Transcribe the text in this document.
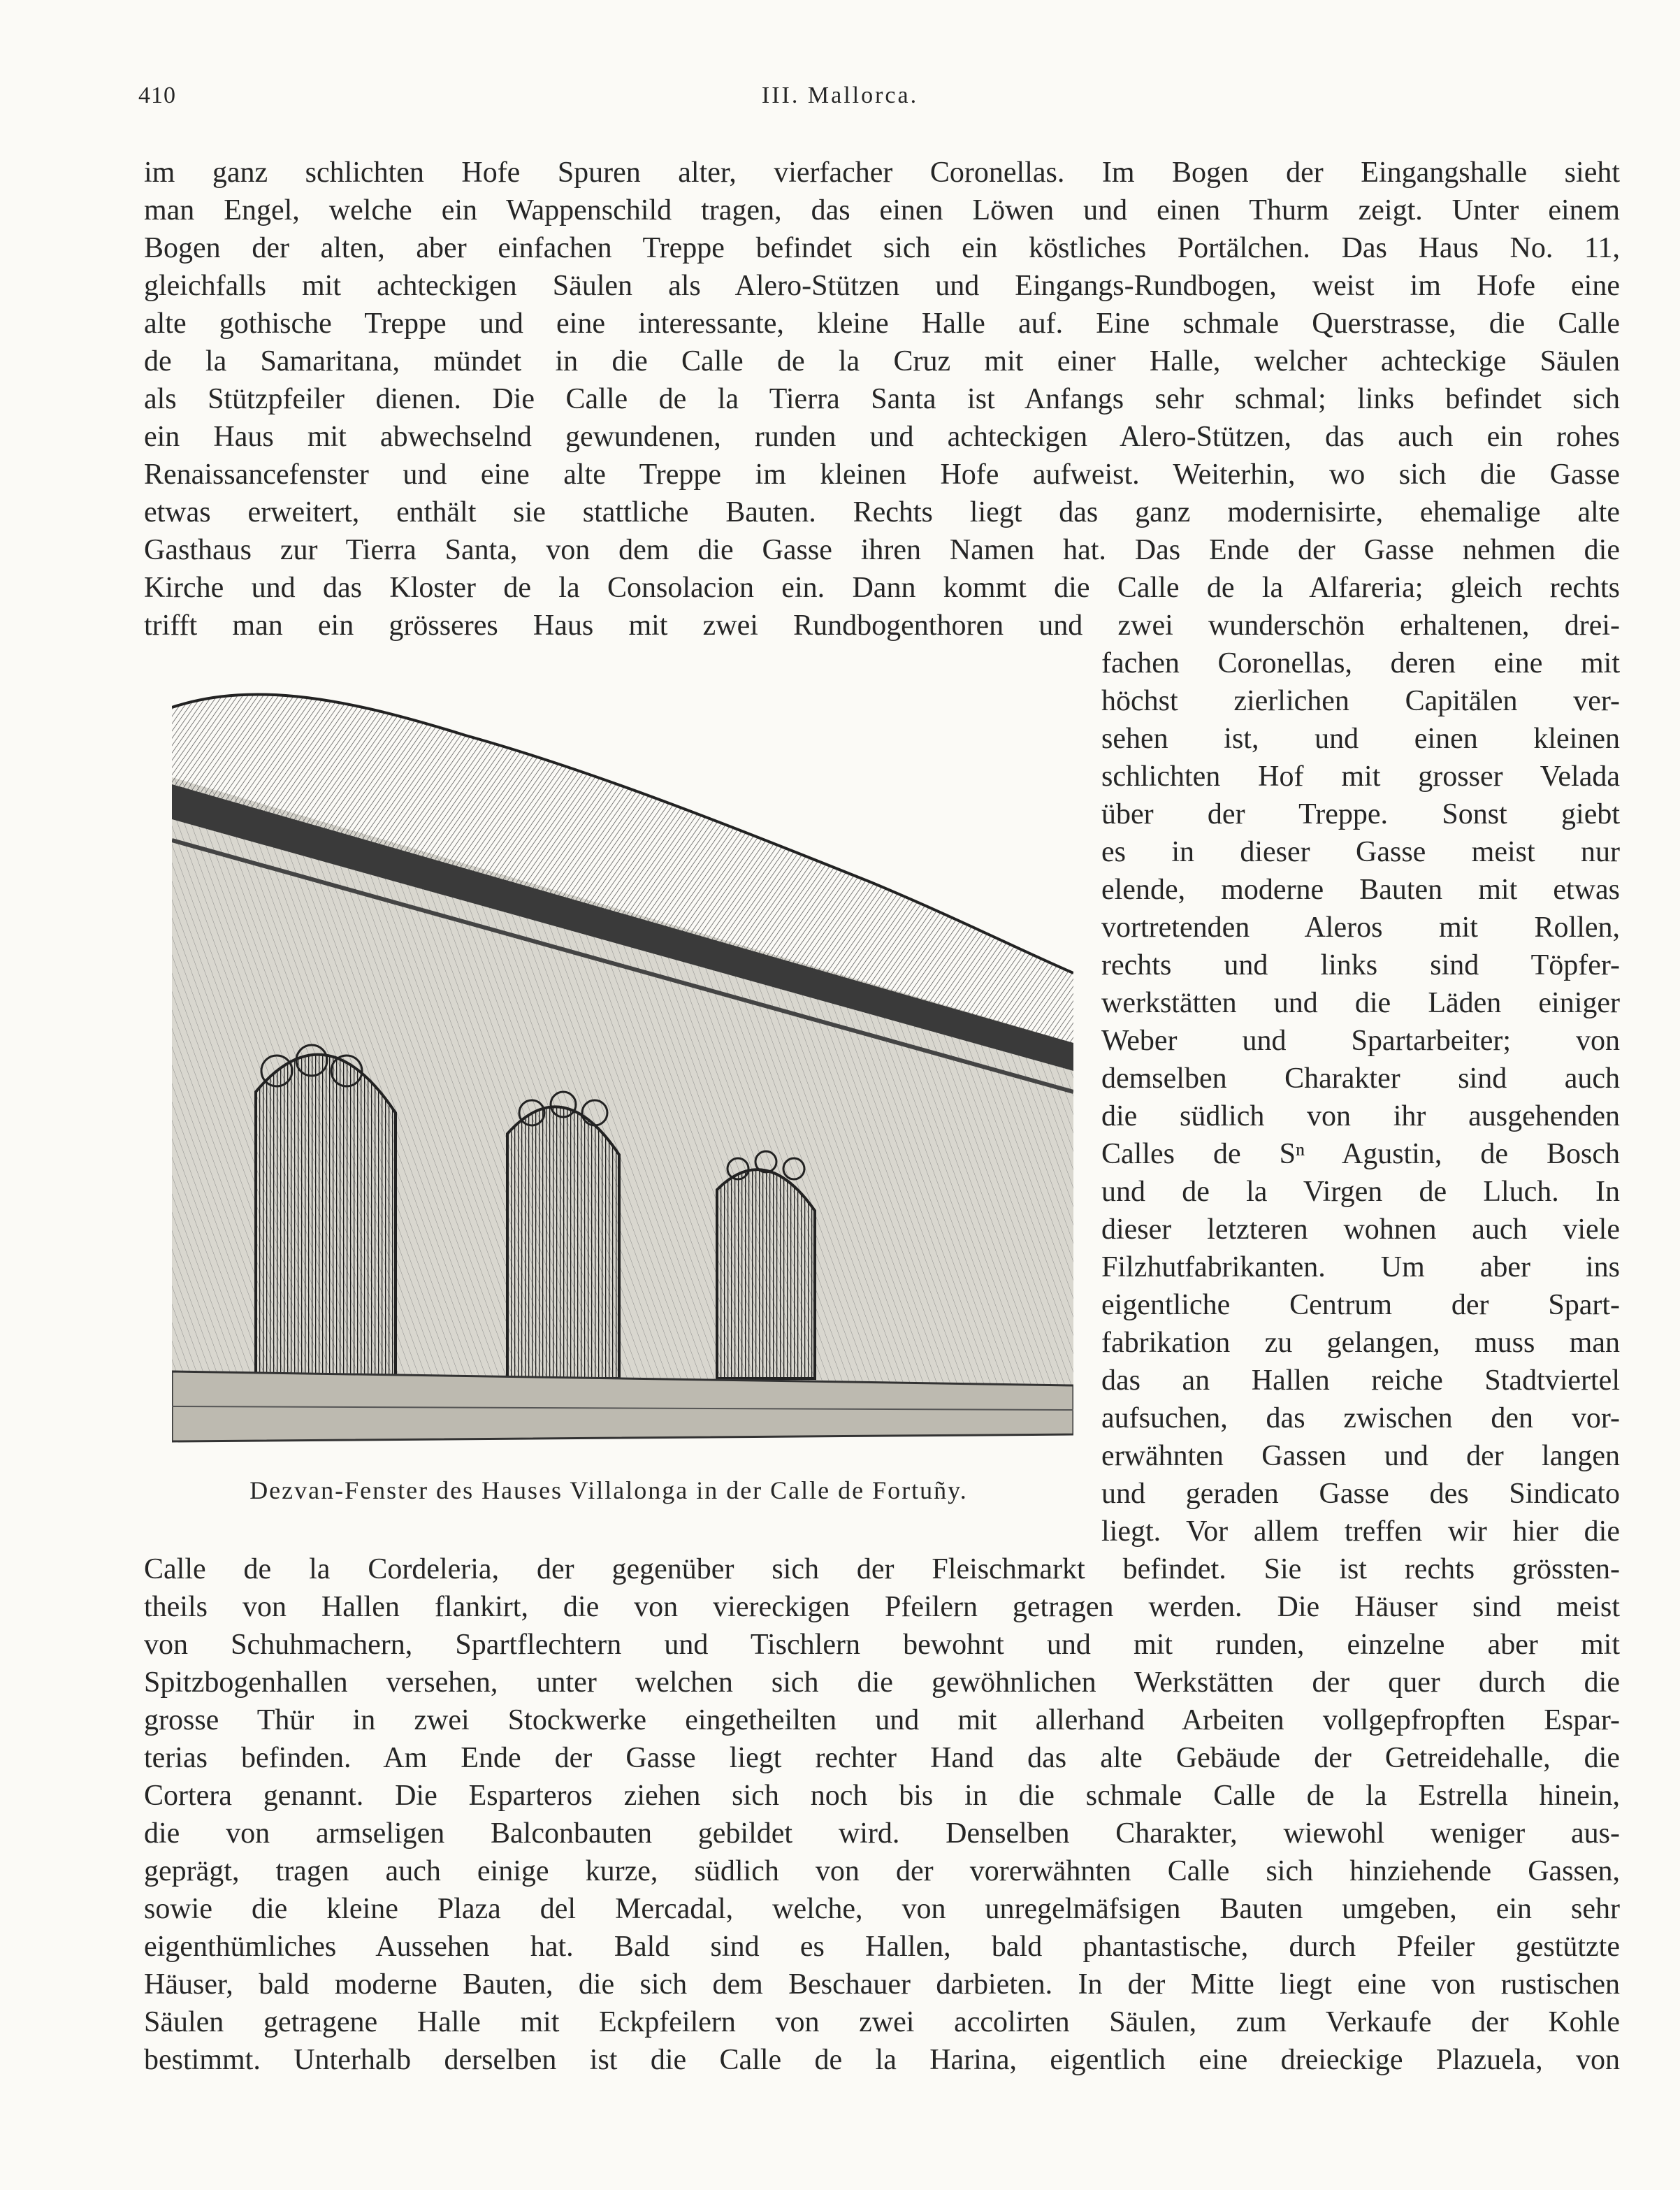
410	III. Mallorca.
im ganz schlichten Hofe Spuren alter, vierfacher Coronellas. Im Bogen der Eingangshalle sieht
man Engel, welche ein Wappenschild tragen, das einen Löwen und einen Thurm zeigt. Unter einem
Bogen der alten, aber einfachen Treppe befindet sich ein köstliches Portälchen. Das Haus No. 11,
gleichfalls mit achteckigen Säulen als Alero-Stützen und Eingangs-Rundbogen, weist im Hofe eine
alte gothische Treppe und eine interessante, kleine Halle auf. Eine schmale Querstrasse, die Calle
de la Samaritana, mündet in die Calle de la Cruz mit einer Halle, welcher achteckige Säulen
als Stützpfeiler dienen. Die Calle de la Tierra Santa ist Anfangs sehr schmal; links befindet sich
ein Haus mit abwechselnd gewundenen, runden und achteckigen Alero-Stützen, das auch ein rohes
Renaissancefenster und eine alte Treppe im kleinen Hofe aufweist. Weiterhin, wo sich die Gasse
etwas erweitert, enthält sie stattliche Bauten. Rechts liegt das ganz modernisirte, ehemalige alte
Gasthaus zur Tierra Santa, von dem die Gasse ihren Namen hat. Das Ende der Gasse nehmen die
Kirche und das Kloster de la Consolacion ein. Dann kommt die Calle de la Alfareria; gleich rechts
trifft man ein grösseres Haus mit zwei Rundbogenthoren und zwei wunderschön erhaltenen, drei-
Dezvan-Fenster des Hauses Villalonga in der Calle de Fortuñy.
fachen Coronellas, deren eine mit
höchst zierlichen Capitälen ver-
sehen ist, und einen kleinen
schlichten Hof mit grosser Velada
über der Treppe. Sonst giebt
es in dieser Gasse meist nur
elende, moderne Bauten mit etwas
vortretenden Aleros mit Rollen,
rechts und links sind Töpfer-
werkstätten und die Läden einiger
Weber und Spartarbeiter; von
demselben Charakter sind auch
die südlich von ihr ausgehenden
Calles de Sⁿ Agustin, de Bosch
und de la Virgen de Lluch. In
dieser letzteren wohnen auch viele
Filzhutfabrikanten. Um aber ins
eigentliche Centrum der Spart-
fabrikation zu gelangen, muss man
das an Hallen reiche Stadtviertel
aufsuchen, das zwischen den vor-
erwähnten Gassen und der langen
und geraden Gasse des Sindicato
liegt. Vor allem treffen wir hier die
Calle de la Cordeleria, der gegenüber sich der Fleischmarkt befindet. Sie ist rechts grössten-
theils von Hallen flankirt, die von viereckigen Pfeilern getragen werden. Die Häuser sind meist
von Schuhmachern, Spartflechtern und Tischlern bewohnt und mit runden, einzelne aber mit
Spitzbogenhallen versehen, unter welchen sich die gewöhnlichen Werkstätten der quer durch die
grosse Thür in zwei Stockwerke eingetheilten und mit allerhand Arbeiten vollgepfropften Espar-
terias befinden. Am Ende der Gasse liegt rechter Hand das alte Gebäude der Getreidehalle, die
Cortera genannt. Die Esparteros ziehen sich noch bis in die schmale Calle de la Estrella hinein,
die von armseligen Balconbauten gebildet wird. Denselben Charakter, wiewohl weniger aus-
geprägt, tragen auch einige kurze, südlich von der vorerwähnten Calle sich hinziehende Gassen,
sowie die kleine Plaza del Mercadal, welche, von unregelmäfsigen Bauten umgeben, ein sehr
eigenthümliches Aussehen hat. Bald sind es Hallen, bald phantastische, durch Pfeiler gestützte
Häuser, bald moderne Bauten, die sich dem Beschauer darbieten. In der Mitte liegt eine von rustischen
Säulen getragene Halle mit Eckpfeilern von zwei accolirten Säulen, zum Verkaufe der Kohle
bestimmt. Unterhalb derselben ist die Calle de la Harina, eigentlich eine dreieckige Plazuela, von
